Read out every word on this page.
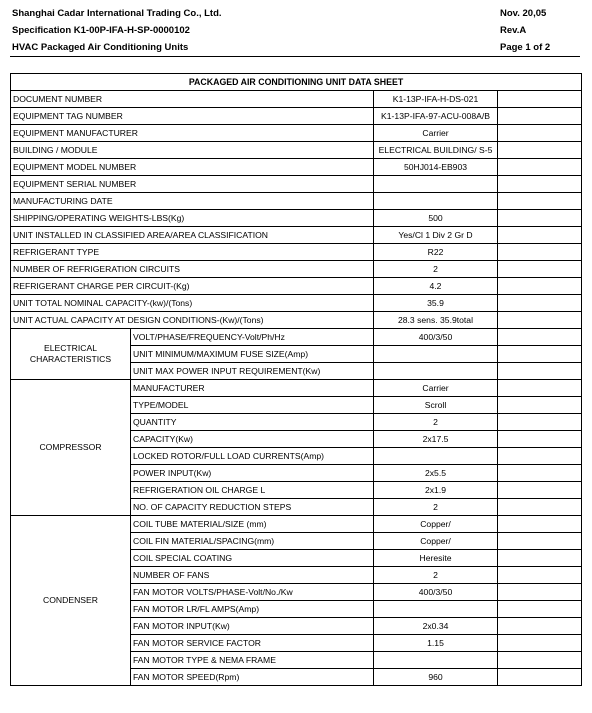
Shanghai Cadar International Trading Co., Ltd.	Nov. 20,05
Specification K1-00P-IFA-H-SP-0000102	Rev.A
HVAC Packaged Air Conditioning Units	Page 1 of 2
PACKAGED AIR CONDITIONING UNIT DATA SHEET			
DOCUMENT NUMBER		K1-13P-IFA-H-DS-021	
EQUIPMENT TAG NUMBER		K1-13P-IFA-97-ACU-008A/B	
EQUIPMENT MANUFACTURER		Carrier	
BUILDING / MODULE		ELECTRICAL BUILDING/ S-5	
EQUIPMENT MODEL NUMBER		50HJ014-EB903	
EQUIPMENT SERIAL NUMBER			
MANUFACTURING DATE			
SHIPPING/OPERATING WEIGHTS-LBS(Kg)		500	
UNIT INSTALLED IN CLASSIFIED AREA/AREA CLASSIFICATION		Yes/Cl 1 Div 2 Gr D	
REFRIGERANT TYPE		R22	
NUMBER OF REFRIGERATION CIRCUITS		2	
REFRIGERANT CHARGE PER CIRCUIT-(Kg)		4.2	
UNIT TOTAL NOMINAL CAPACITY-(kw)/(Tons)		35.9	
UNIT ACTUAL CAPACITY AT DESIGN CONDITIONS-(Kw)/(Tons)		28.3 sens. 35.9total	

ELECTRICAL
CHARACTERISTICS	VOLT/PHASE/FREQUENCY-Volt/Ph/Hz	400/3/50	
	UNIT MINIMUM/MAXIMUM FUSE SIZE(Amp)		
	UNIT MAX POWER INPUT REQUIREMENT(Kw)		

COMPRESSOR	MANUFACTURER	Carrier	
	TYPE/MODEL	Scroll	
	QUANTITY	2	
	CAPACITY(Kw)	2x17.5	
	LOCKED ROTOR/FULL LOAD CURRENTS(Amp)		
	POWER INPUT(Kw)	2x5.5	
	REFRIGERATION OIL CHARGE L	2x1.9	
	NO. OF CAPACITY REDUCTION STEPS	2	

CONDENSER	COIL TUBE MATERIAL/SIZE (mm)	Copper/	
	COIL FIN MATERIAL/SPACING(mm)	Copper/	
	COIL SPECIAL COATING	Heresite	
	NUMBER OF FANS	2	
	FAN MOTOR VOLTS/PHASE-Volt/No./Kw	400/3/50	
	FAN MOTOR LR/FL AMPS(Amp)		
	FAN MOTOR INPUT(Kw)	2x0.34	
	FAN MOTOR SERVICE FACTOR	1.15	
	FAN MOTOR TYPE & NEMA FRAME		
	FAN MOTOR SPEED(Rpm)	960	
